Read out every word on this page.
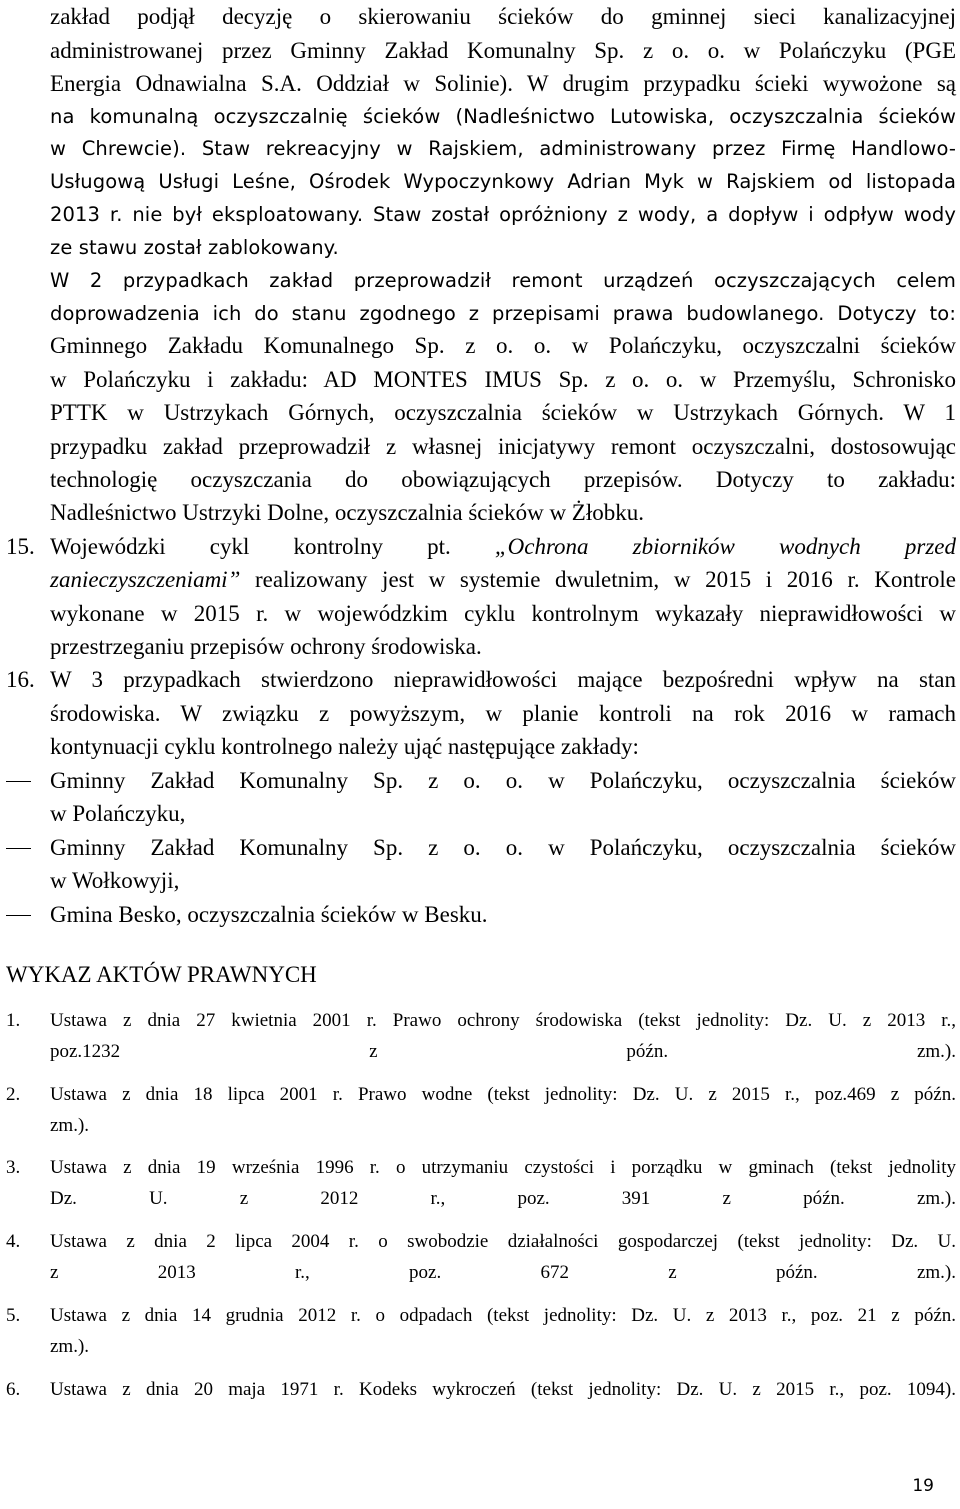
zakład podjął decyzję o skierowaniu ścieków do gminnej sieci kanalizacyjnej
administrowanej przez Gminny Zakład Komunalny Sp. z o. o. w Polańczyku (PGE
Energia Odnawialna S.A. Oddział w Solinie). W drugim przypadku ścieki wywożone są
na komunalną oczyszczalnię ścieków (Nadleśnictwo Lutowiska, oczyszczalnia ścieków
w Chrewcie). Staw rekreacyjny w Rajskiem, administrowany przez Firmę Handlowo-
Usługową Usługi Leśne, Ośrodek Wypoczynkowy Adrian Myk w Rajskiem od listopada
2013 r. nie był eksploatowany. Staw został opróżniony z wody, a dopływ i odpływ wody
ze stawu został zablokowany.
W 2 przypadkach zakład przeprowadził remont urządzeń oczyszczających celem
doprowadzenia ich do stanu zgodnego z przepisami prawa budowlanego. Dotyczy to:
Gminnego Zakładu Komunalnego Sp. z o. o. w Polańczyku, oczyszczalni ścieków
w Polańczyku i zakładu: AD MONTES IMUS Sp. z o. o. w Przemyślu, Schronisko
PTTK w Ustrzykach Górnych, oczyszczalnia ścieków w Ustrzykach Górnych. W 1
przypadku zakład przeprowadził z własnej inicjatywy remont oczyszczalni, dostosowując
technologię oczyszczania do obowiązujących przepisów. Dotyczy to zakładu:
Nadleśnictwo Ustrzyki Dolne, oczyszczalnia ścieków w Żłobku.
15. Wojewódzki cykl kontrolny pt. „Ochrona zbiorników wodnych przed
zanieczyszczeniami” realizowany jest w systemie dwuletnim, w 2015 i 2016 r. Kontrole
wykonane w 2015 r. w wojewódzkim cyklu kontrolnym wykazały nieprawidłowości w
przestrzeganiu przepisów ochrony środowiska.
16. W 3 przypadkach stwierdzono nieprawidłowości mające bezpośredni wpływ na stan
środowiska. W związku z powyższym, w planie kontroli na rok 2016 w ramach
kontynuacji cyklu kontrolnego należy ująć następujące zakłady:
Gminny Zakład Komunalny Sp. z o. o. w Polańczyku, oczyszczalnia ścieków
w Polańczyku,
Gminny Zakład Komunalny Sp. z o. o. w Polańczyku, oczyszczalnia ścieków
w Wołkowyji,
Gmina Besko, oczyszczalnia ścieków w Besku.
WYKAZ AKTÓW PRAWNYCH
1. Ustawa z dnia 27 kwietnia 2001 r. Prawo ochrony środowiska (tekst jednolity: Dz. U. z 2013 r.,
poz.1232 z późn. zm.).
2. Ustawa z dnia 18 lipca 2001 r. Prawo wodne (tekst jednolity: Dz. U. z 2015 r., poz.469 z późn.
zm.).
3. Ustawa z dnia 19 września 1996 r. o utrzymaniu czystości i porządku w gminach (tekst jednolity
Dz. U. z 2012 r., poz. 391 z późn. zm.).
4. Ustawa z dnia 2 lipca 2004 r. o swobodzie działalności gospodarczej (tekst jednolity: Dz. U.
z 2013 r., poz. 672 z późn. zm.).
5. Ustawa z dnia 14 grudnia 2012 r. o odpadach (tekst jednolity: Dz. U. z 2013 r., poz. 21 z późn.
zm.).
6. Ustawa z dnia 20 maja 1971 r. Kodeks wykroczeń (tekst jednolity: Dz. U. z 2015 r., poz. 1094).
19
